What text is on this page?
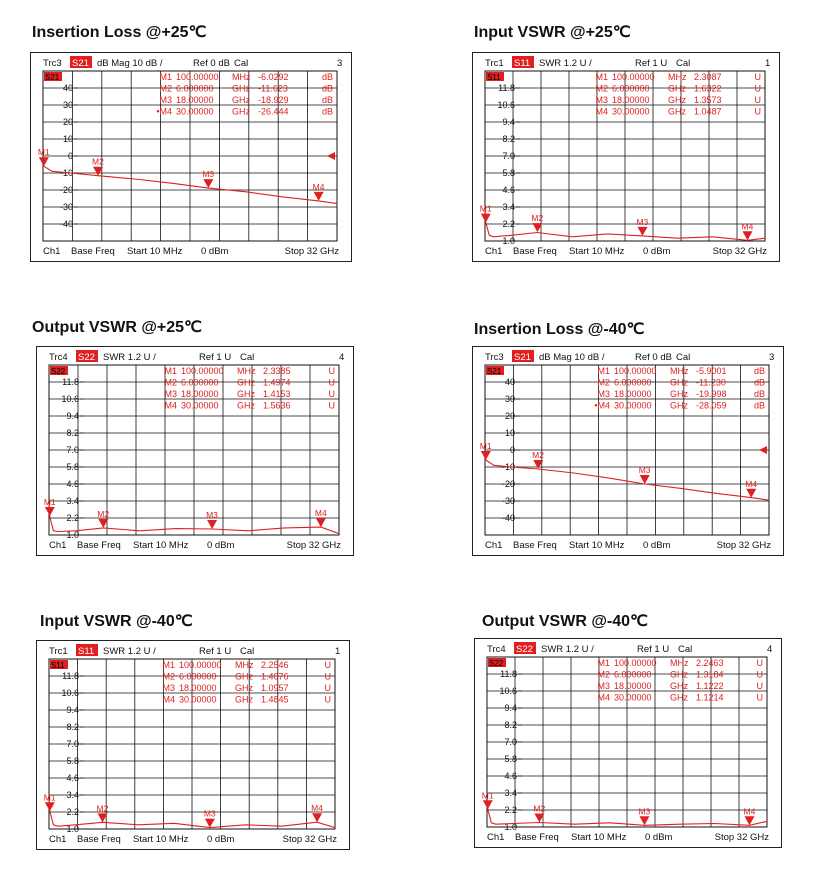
Insertion Loss @+25℃
Trc3 S21 dB Mag 10 dB /	Ref 0 dB Cal	3
40
30
20
10
0
-10
-20
-30
-40
S21
M1
M2
M3
M4
M1 100.00000 MHz -6.0292	dB
M2 6.000000 GHz -11.623	dB
M3 18.00000 GHz -18.929	dB
•M4 30.00000 GHz -26.444	dB
Ch1 Base Freq Start 10 MHz 0 dBm	Stop 32 GHz
Input VSWR @+25℃
Trc1 S11 SWR 1.2 U /	Ref 1 U Cal	1
11.8
10.6
9.4
8.2
7.0
5.8
4.6
3.4
2.2
1.0
S11
M1
M2	M3	M4
M1 100.00000 MHz 2.3087	U
M2 6.000000 GHz 1.6322	U
M3 18.00000 GHz 1.3573	U
M4 30.00000 GHz 1.0487	U
Ch1 Base Freq Start 10 MHz 0 dBm	Stop 32 GHz
Output VSWR @+25℃
Trc4 S22 SWR 1.2 U /	Ref 1 U Cal	4
11.8
10.6
9.4
8.2
7.0
5.8
4.6
3.4
2.2
1.0
S22
M1
M2	M3	M4
M1 100.00000 MHz 2.3385	U
M2 6.000000 GHz 1.4974	U
M3 18.00000 GHz 1.4153	U
M4 30.00000 GHz 1.5636	U
Ch1 Base Freq Start 10 MHz 0 dBm	Stop 32 GHz
Insertion Loss @-40℃
Trc3 S21 dB Mag 10 dB /	Ref 0 dB Cal	3
40
30
20
10
0
-10
-20
-30
-40
S21
M1
M2
M3
M4
M1 100.00000 MHz -5.9001	dB
M2 6.000000 GHz -11.230	dB
M3 18.00000 GHz -19.998	dB
•M4 30.00000 GHz -28.059	dB
Ch1 Base Freq Start 10 MHz 0 dBm	Stop 32 GHz
Input VSWR @-40℃
Trc1 S11 SWR 1.2 U /	Ref 1 U Cal	1
11.8
10.6
9.4
8.2
7.0
5.8
4.6
3.4
2.2
1.0
S11
M1
M2
M3
M4
M1 100.00000 MHz 2.2546	U
M2 6.000000 GHz 1.4676	U
M3 18.00000 GHz 1.0957	U
M4 30.00000 GHz 1.4845	U
Ch1 Base Freq Start 10 MHz 0 dBm	Stop 32 GHz
Output VSWR @-40℃
Trc4 S22 SWR 1.2 U /	Ref 1 U Cal	4
11.8
10.6
9.4
8.2
7.0
5.8
4.6
3.4
2.2
1.0
S22
M1
M2	M3	M4
M1 100.00000 MHz 2.2463	U
M2 6.000000 GHz 1.3184	U
M3 18.00000 GHz 1.1222	U
M4 30.00000 GHz 1.1214	U
Ch1 Base Freq Start 10 MHz 0 dBm	Stop 32 GHz
